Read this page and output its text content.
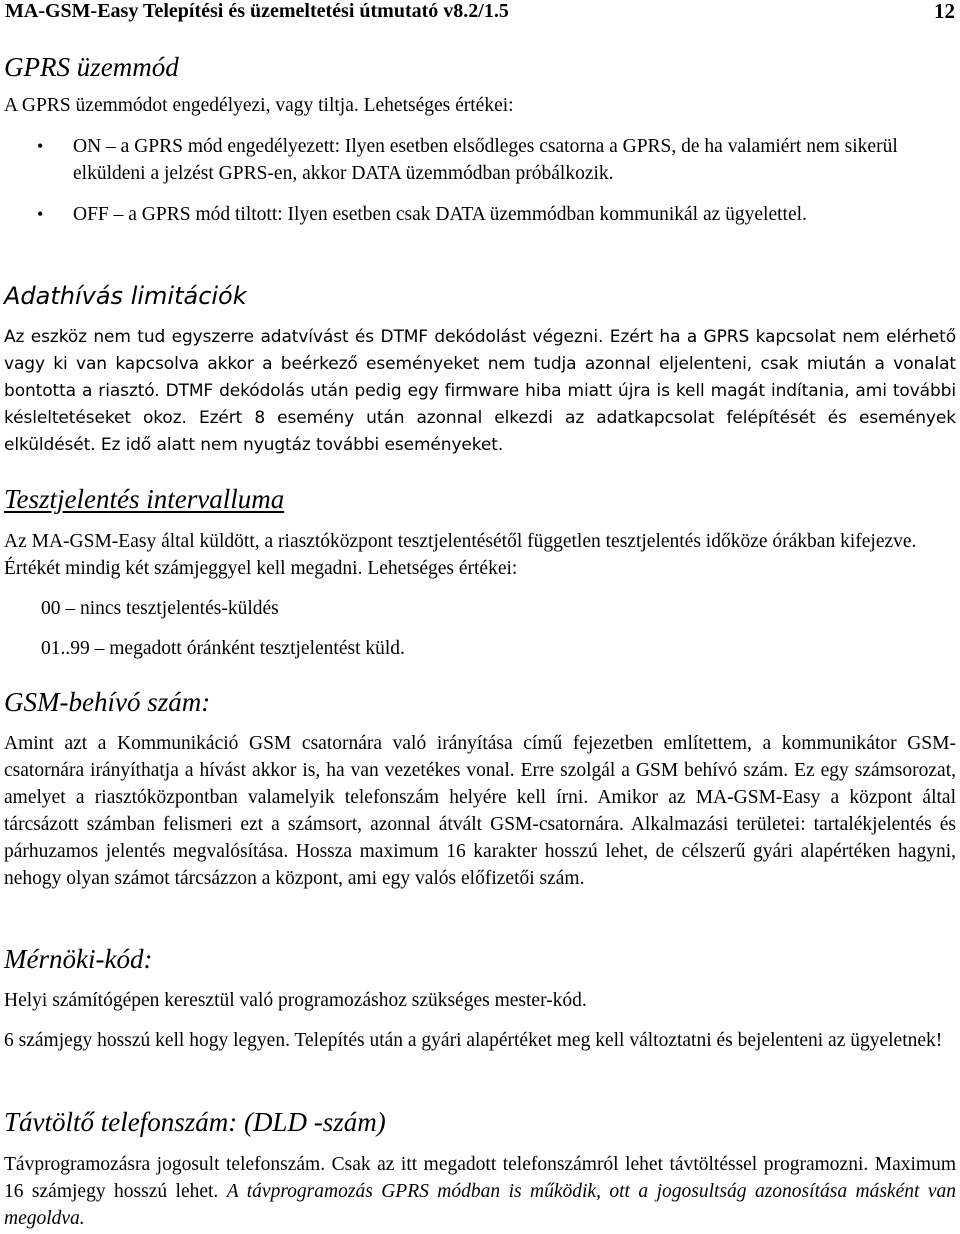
MA-GSM-Easy Telepítési és üzemeltetési útmutató v8.2/1.5	12
GPRS üzemmód

A GPRS üzemmódot engedélyezi, vagy tiltja. Lehetséges értékei:

• ON – a GPRS mód engedélyezett: Ilyen esetben elsődleges csatorna a GPRS, de ha valamiért nem sikerül elküldeni a jelzést GPRS-en, akkor DATA üzemmódban próbálkozik.

• OFF – a GPRS mód tiltott: Ilyen esetben csak DATA üzemmódban kommunikál az ügyelettel.

Adathívás limitációk

Az eszköz nem tud egyszerre adatvívást és DTMF dekódolást végezni. Ezért ha a GPRS kapcsolat nem elérhető vagy ki van kapcsolva akkor a beérkező eseményeket nem tudja azonnal eljelenteni, csak miután a vonalat bontotta a riasztó. DTMF dekódolás után pedig egy firmware hiba miatt újra is kell magát indítania, ami további késleltetéseket okoz. Ezért 8 esemény után azonnal elkezdi az adatkapcsolat felépítését és események elküldését. Ez idő alatt nem nyugtáz további eseményeket.

Tesztjelentés intervalluma

Az MA-GSM-Easy által küldött, a riasztóközpont tesztjelentésétől független tesztjelentés időköze órákban kifejezve. Értékét mindig két számjeggyel kell megadni. Lehetséges értékei:

00 – nincs tesztjelentés-küldés

01..99 – megadott óránként tesztjelentést küld.

GSM-behívó szám:

Amint azt a Kommunikáció GSM csatornára való irányítása című fejezetben említettem, a kommunikátor GSM-csatornára irányíthatja a hívást akkor is, ha van vezetékes vonal. Erre szolgál a GSM behívó szám. Ez egy számsorozat, amelyet a riasztóközpontban valamelyik telefonszám helyére kell írni. Amikor az MA-GSM-Easy a központ által tárcsázott számban felismeri ezt a számsort, azonnal átvált GSM-csatornára. Alkalmazási területei: tartalékjelentés és párhuzamos jelentés megvalósítása. Hossza maximum 16 karakter hosszú lehet, de célszerű gyári alapértéken hagyni, nehogy olyan számot tárcsázzon a központ, ami egy valós előfizetői szám.

Mérnöki-kód:

Helyi számítógépen keresztül való programozáshoz szükséges mester-kód.

6 számjegy hosszú kell hogy legyen. Telepítés után a gyári alapértéket meg kell változtatni és bejelenteni az ügyeletnek!

Távtöltő telefonszám: (DLD -szám)

Távprogramozásra jogosult telefonszám. Csak az itt megadott telefonszámról lehet távtöltéssel programozni. Maximum 16 számjegy hosszú lehet. A távprogramozás GPRS módban is működik, ott a jogosultság azonosítása másként van megoldva.
